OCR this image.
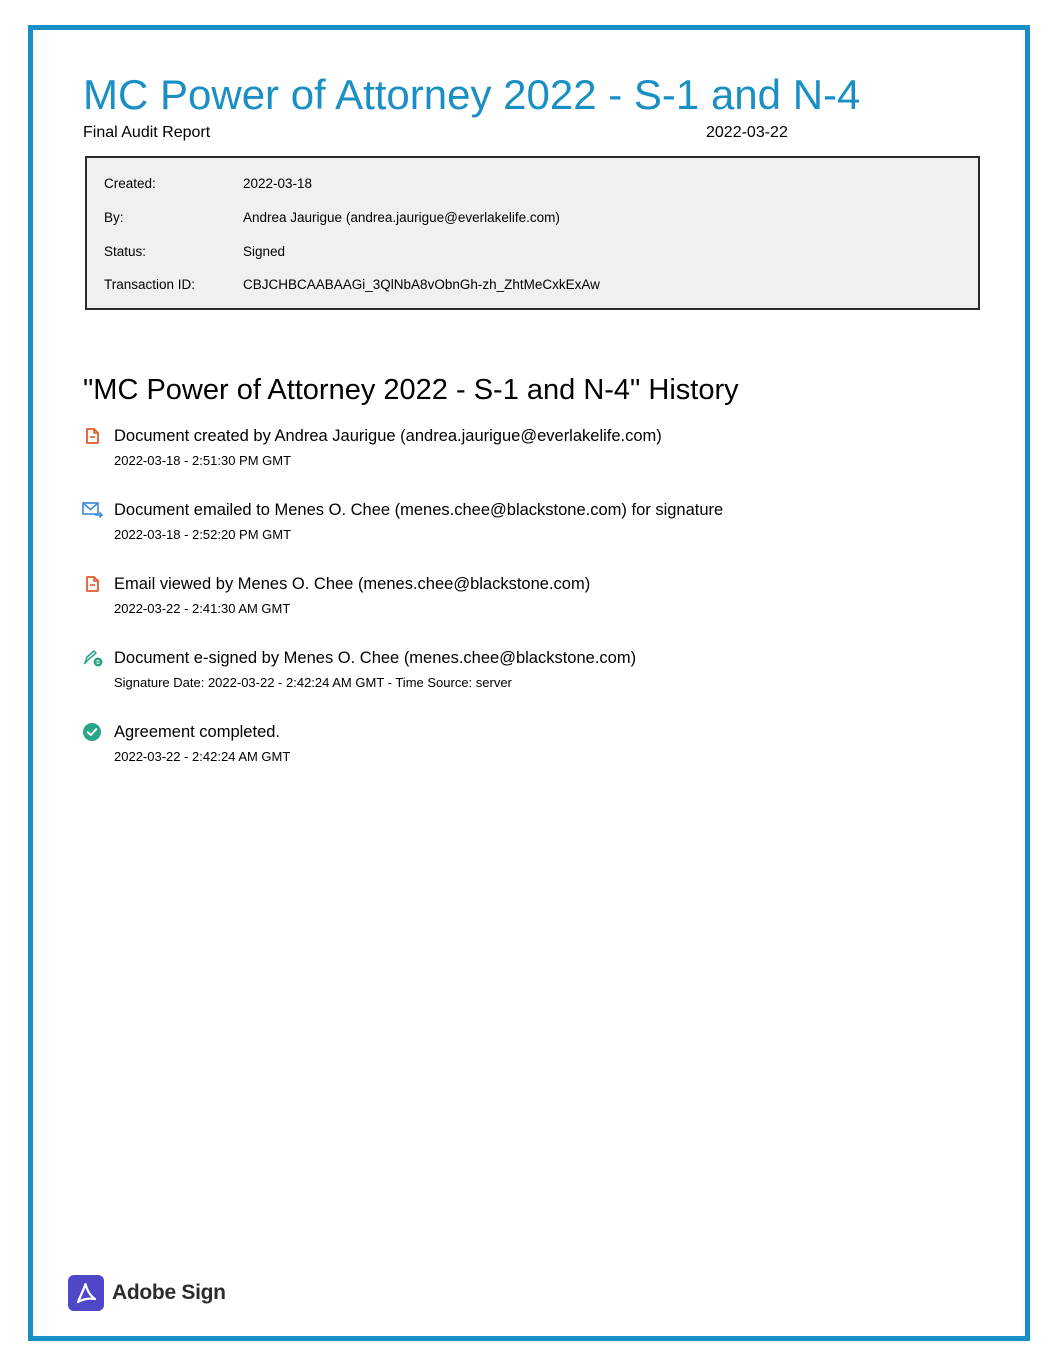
MC Power of Attorney 2022 - S-1 and N-4
Final Audit Report	2022-03-22
Created:	2022-03-18
By:	Andrea Jaurigue (andrea.jaurigue@everlakelife.com)
Status:	Signed
Transaction ID:	CBJCHBCAABAAGi_3QlNbA8vObnGh-zh_ZhtMeCxkExAw
"MC Power of Attorney 2022 - S-1 and N-4" History
Document created by Andrea Jaurigue (andrea.jaurigue@everlakelife.com)
2022-03-18 - 2:51:30 PM GMT
Document emailed to Menes O. Chee (menes.chee@blackstone.com) for signature
2022-03-18 - 2:52:20 PM GMT
Email viewed by Menes O. Chee (menes.chee@blackstone.com)
2022-03-22 - 2:41:30 AM GMT
Document e-signed by Menes O. Chee (menes.chee@blackstone.com)
Signature Date: 2022-03-22 - 2:42:24 AM GMT - Time Source: server
Agreement completed.
2022-03-22 - 2:42:24 AM GMT
Adobe Sign
